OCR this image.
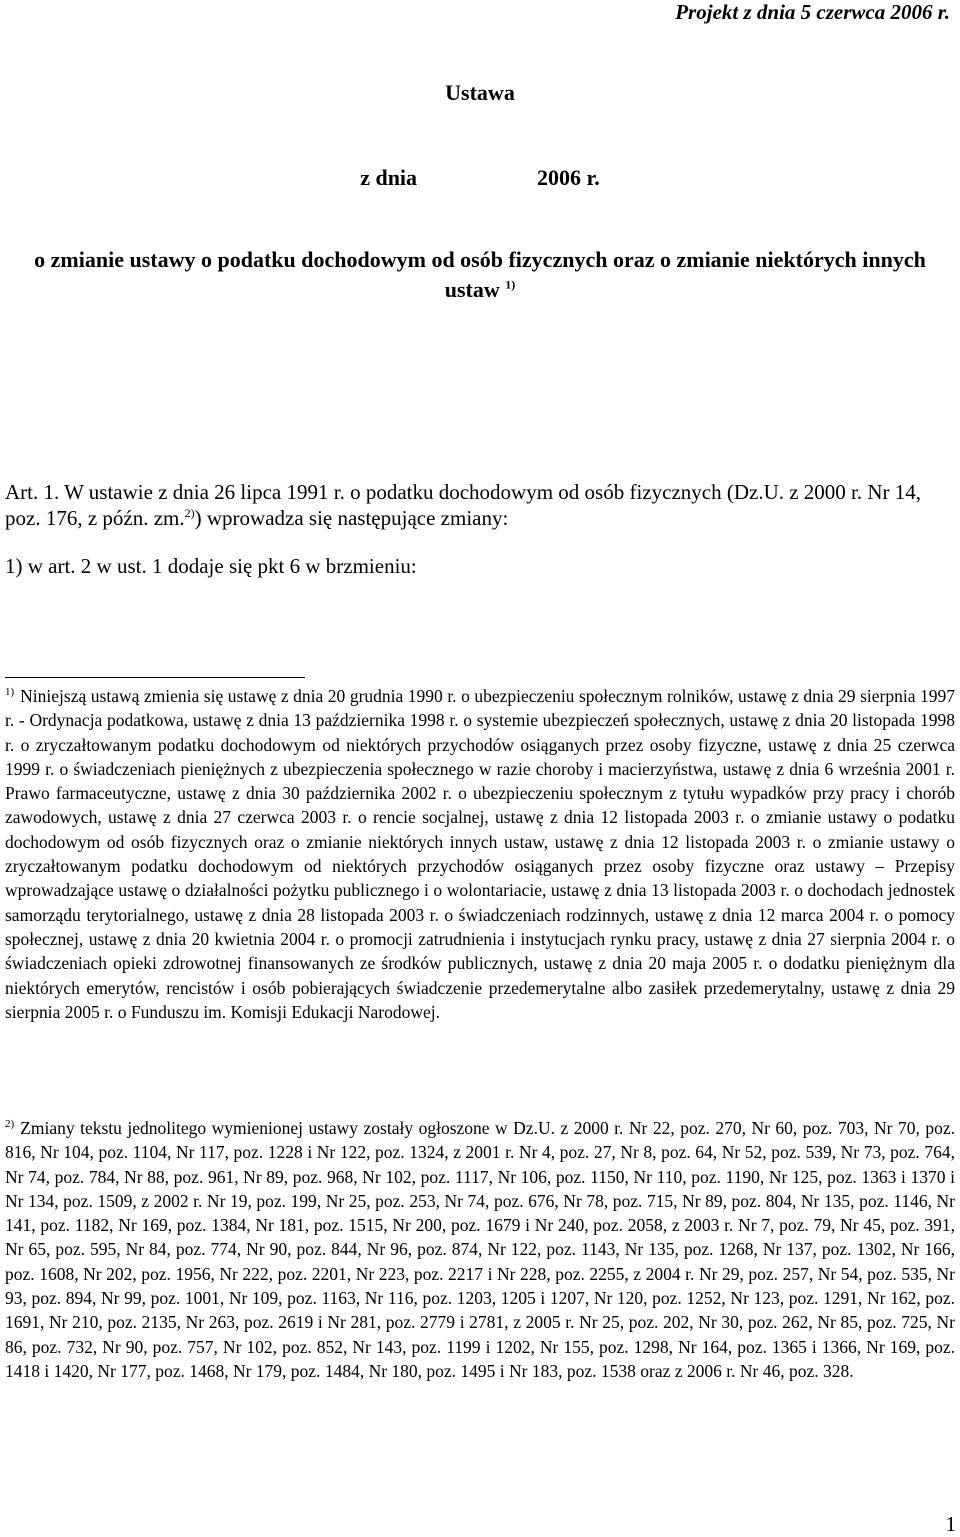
Projekt z dnia 5 czerwca 2006 r.
Ustawa
z dnia	2006 r.
o zmianie ustawy o podatku dochodowym od osób fizycznych oraz o zmianie niektórych innych ustaw $^{1)}$
Art. 1. W ustawie z dnia 26 lipca 1991 r. o podatku dochodowym od osób fizycznych (Dz.U. z 2000 r. Nr 14, poz. 176, z późn. zm.$^{2)}$) wprowadza się następujące zmiany:
1) w art. 2 w ust. 1 dodaje się pkt 6 w brzmieniu:
$^{1)}$ Niniejszą ustawą zmienia się ustawę z dnia 20 grudnia 1990 r. o ubezpieczeniu społecznym rolników, ustawę z dnia 29 sierpnia 1997 r. - Ordynacja podatkowa, ustawę z dnia 13 października 1998 r. o systemie ubezpieczeń społecznych, ustawę z dnia 20 listopada 1998 r. o zryczałtowanym podatku dochodowym od niektórych przychodów osiąganych przez osoby fizyczne, ustawę z dnia 25 czerwca 1999 r. o świadczeniach pieniężnych z ubezpieczenia społecznego w razie choroby i macierzyństwa, ustawę z dnia 6 września 2001 r. Prawo farmaceutyczne, ustawę z dnia 30 października 2002 r. o ubezpieczeniu społecznym z tytułu wypadków przy pracy i chorób zawodowych, ustawę z dnia 27 czerwca 2003 r. o rencie socjalnej, ustawę z dnia 12 listopada 2003 r. o zmianie ustawy o podatku dochodowym od osób fizycznych oraz o zmianie niektórych innych ustaw, ustawę z dnia 12 listopada 2003 r. o zmianie ustawy o zryczałtowanym podatku dochodowym od niektórych przychodów osiąganych przez osoby fizyczne oraz ustawy – Przepisy wprowadzające ustawę o działalności pożytku publicznego i o wolontariacie, ustawę z dnia 13 listopada 2003 r. o dochodach jednostek samorządu terytorialnego, ustawę z dnia 28 listopada 2003 r. o świadczeniach rodzinnych, ustawę z dnia 12 marca 2004 r. o pomocy społecznej, ustawę z dnia 20 kwietnia 2004 r. o promocji zatrudnienia i instytucjach rynku pracy, ustawę z dnia 27 sierpnia 2004 r. o świadczeniach opieki zdrowotnej finansowanych ze środków publicznych, ustawę z dnia 20 maja 2005 r. o dodatku pieniężnym dla niektórych emerytów, rencistów i osób pobierających świadczenie przedemerytalne albo zasiłek przedemerytalny, ustawę z dnia 29 sierpnia 2005 r. o Funduszu im. Komisji Edukacji Narodowej.
$^{2)}$ Zmiany tekstu jednolitego wymienionej ustawy zostały ogłoszone w Dz.U. z 2000 r. Nr 22, poz. 270, Nr 60, poz. 703, Nr 70, poz. 816, Nr 104, poz. 1104, Nr 117, poz. 1228 i Nr 122, poz. 1324, z 2001 r. Nr 4, poz. 27, Nr 8, poz. 64, Nr 52, poz. 539, Nr 73, poz. 764, Nr 74, poz. 784, Nr 88, poz. 961, Nr 89, poz. 968, Nr 102, poz. 1117, Nr 106, poz. 1150, Nr 110, poz. 1190, Nr 125, poz. 1363 i 1370 i Nr 134, poz. 1509, z 2002 r. Nr 19, poz. 199, Nr 25, poz. 253, Nr 74, poz. 676, Nr 78, poz. 715, Nr 89, poz. 804, Nr 135, poz. 1146, Nr 141, poz. 1182, Nr 169, poz. 1384, Nr 181, poz. 1515, Nr 200, poz. 1679 i Nr 240, poz. 2058, z 2003 r. Nr 7, poz. 79, Nr 45, poz. 391, Nr 65, poz. 595, Nr 84, poz. 774, Nr 90, poz. 844, Nr 96, poz. 874, Nr 122, poz. 1143, Nr 135, poz. 1268, Nr 137, poz. 1302, Nr 166, poz. 1608, Nr 202, poz. 1956, Nr 222, poz. 2201, Nr 223, poz. 2217 i Nr 228, poz. 2255, z 2004 r. Nr 29, poz. 257, Nr 54, poz. 535, Nr 93, poz. 894, Nr 99, poz. 1001, Nr 109, poz. 1163, Nr 116, poz. 1203, 1205 i 1207, Nr 120, poz. 1252, Nr 123, poz. 1291, Nr 162, poz. 1691, Nr 210, poz. 2135, Nr 263, poz. 2619 i Nr 281, poz. 2779 i 2781, z 2005 r. Nr 25, poz. 202, Nr 30, poz. 262, Nr 85, poz. 725, Nr 86, poz. 732, Nr 90, poz. 757, Nr 102, poz. 852, Nr 143, poz. 1199 i 1202, Nr 155, poz. 1298, Nr 164, poz. 1365 i 1366, Nr 169, poz. 1418 i 1420, Nr 177, poz. 1468, Nr 179, poz. 1484, Nr 180, poz. 1495 i Nr 183, poz. 1538 oraz z 2006 r. Nr 46, poz. 328.
1
